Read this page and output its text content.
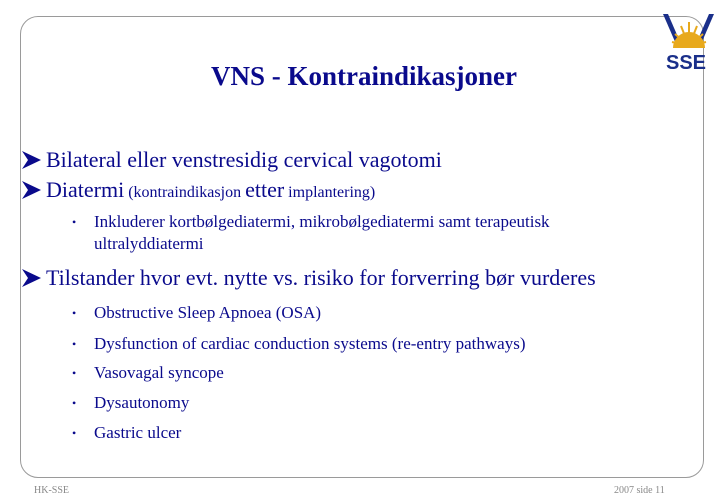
SSE
VNS - Kontraindikasjoner
Bilateral eller venstresidig cervical vagotomi
Diatermi (kontraindikasjon etter implantering)
•	Inkluderer kortbølgediatermi, mikrobølgediatermi samt terapeutisk
ultralyddiatermi
Tilstander hvor evt. nytte vs. risiko for forverring bør vurderes
•	Obstructive Sleep Apnoea (OSA)
•	Dysfunction of cardiac conduction systems (re-entry pathways)
•	Vasovagal syncope
•	Dysautonomy
•	Gastric ulcer
HK-SSE	2007 side 11
